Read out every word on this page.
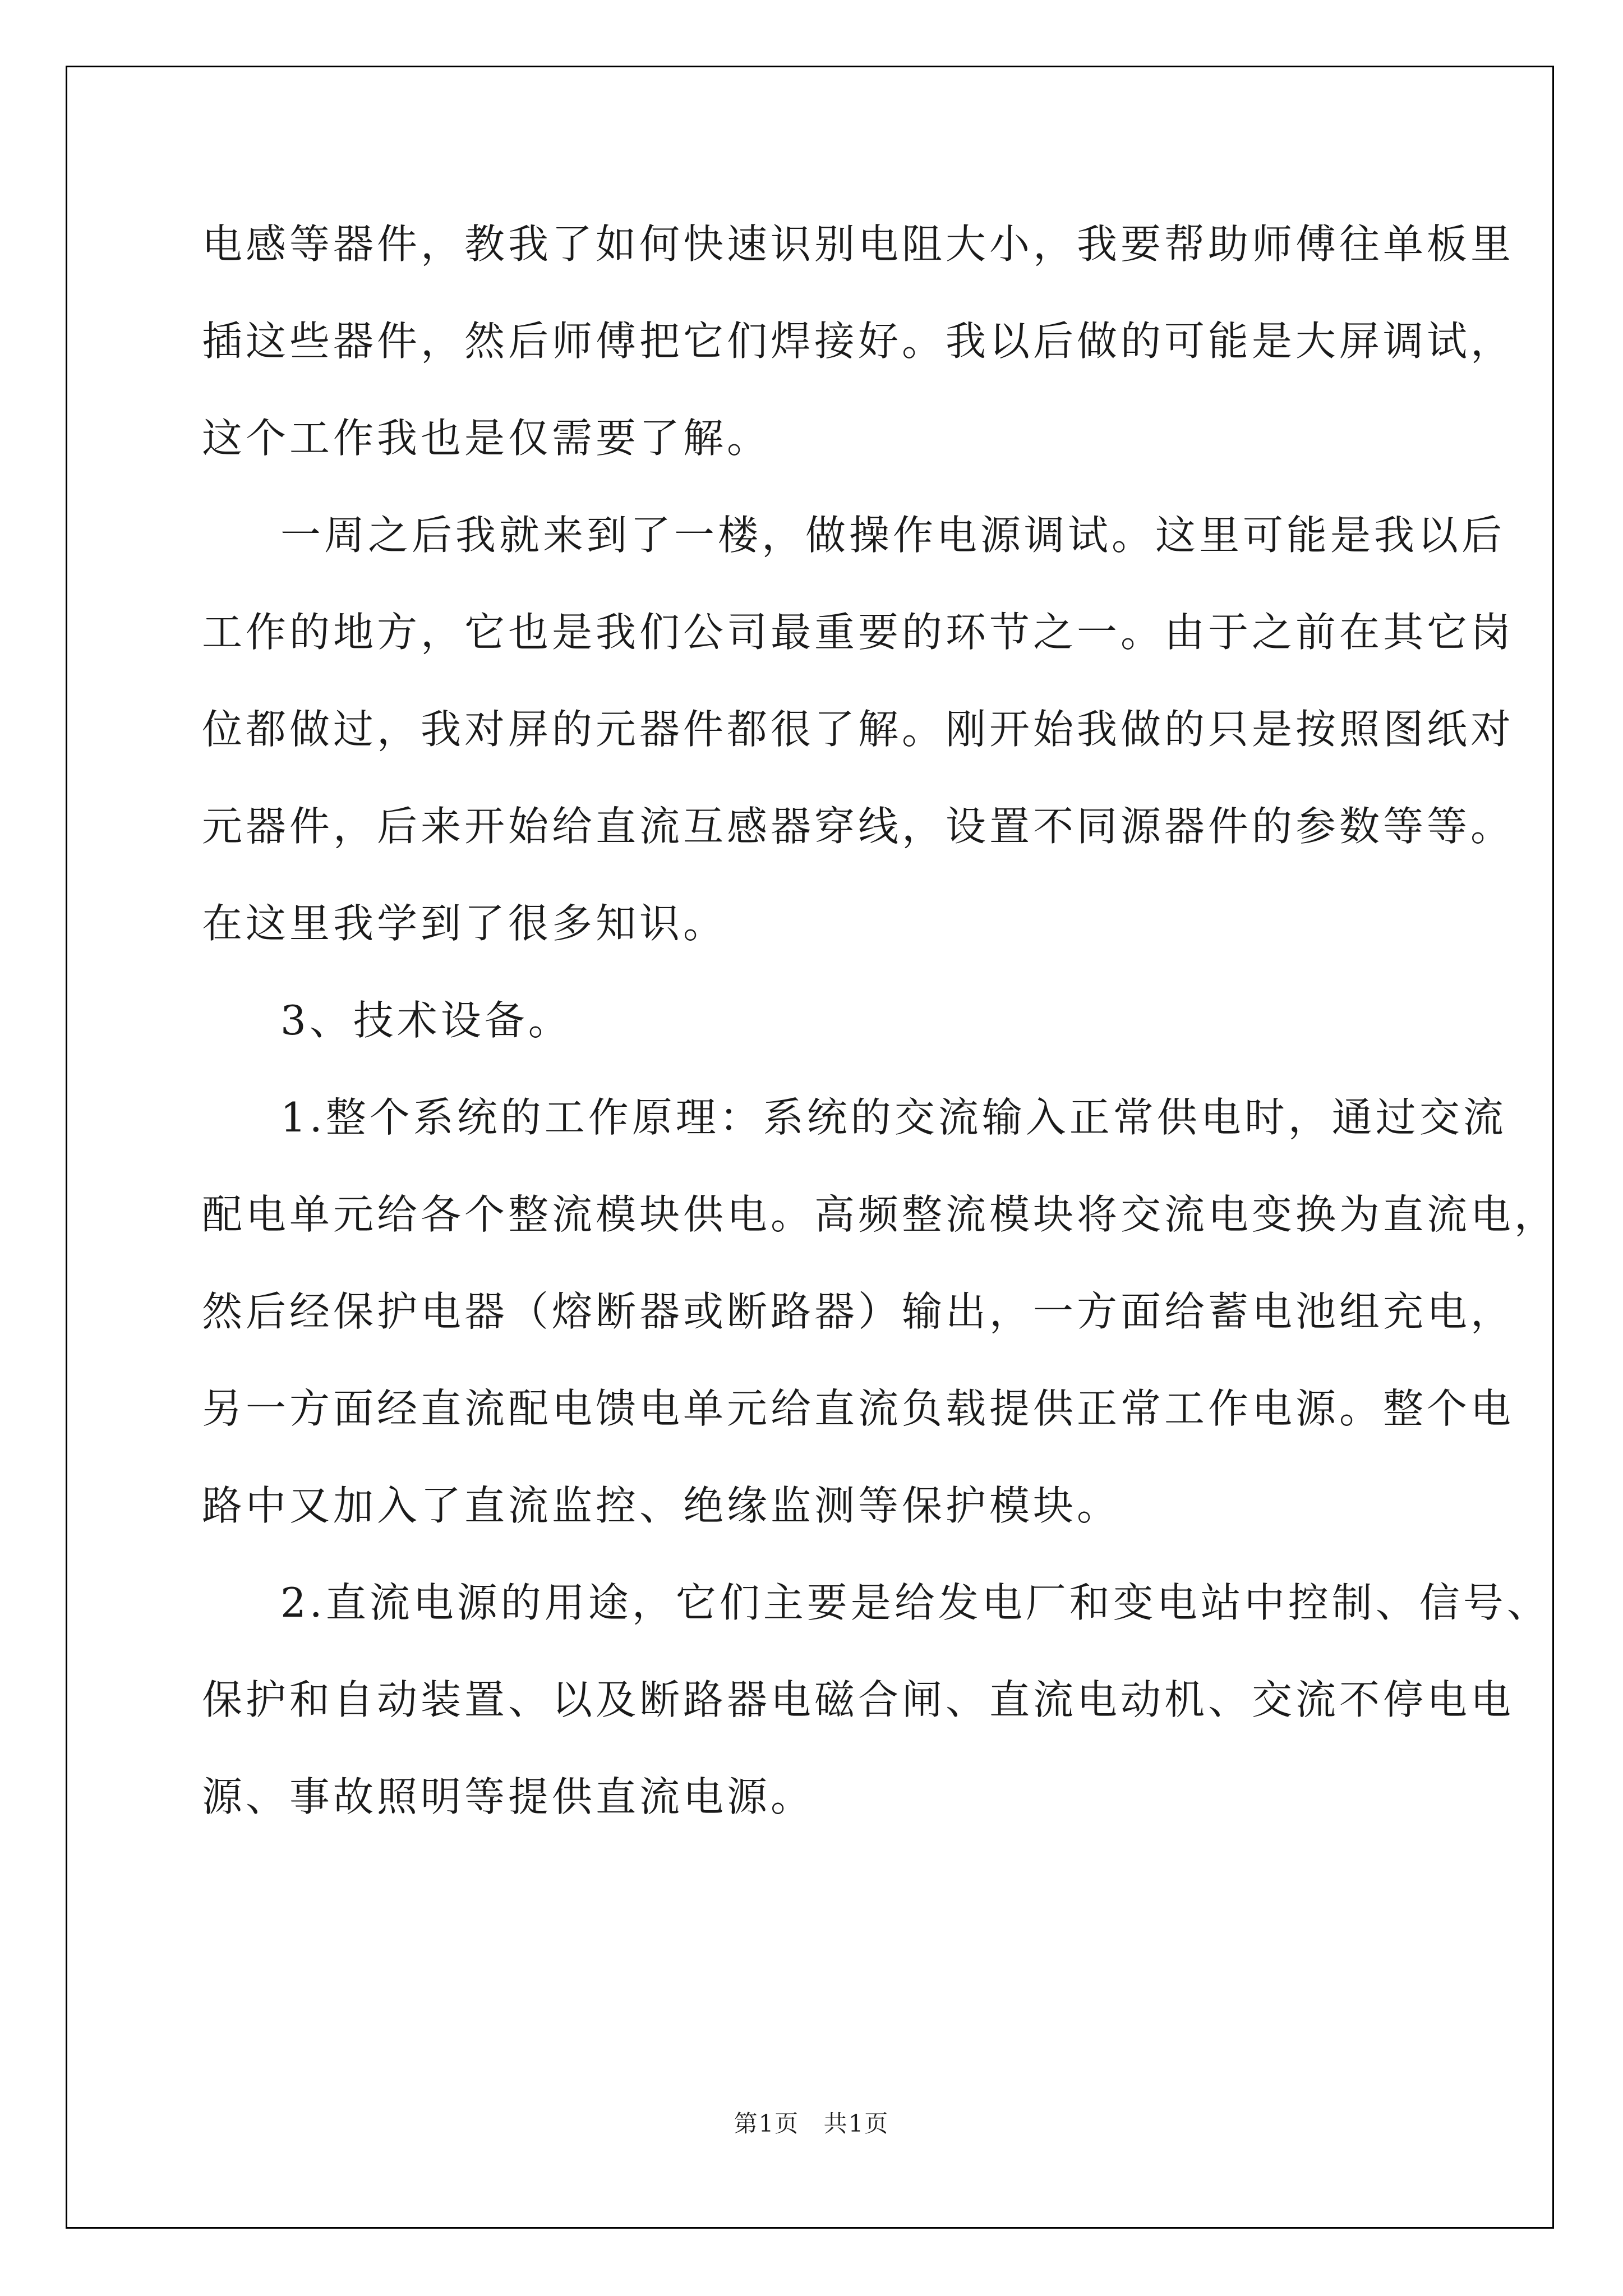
电感等器件，教我了如何快速识别电阻大小，我要帮助师傅往单板里
插这些器件，然后师傅把它们焊接好。我以后做的可能是大屏调试，
这个工作我也是仅需要了解。
一周之后我就来到了一楼，做操作电源调试。这里可能是我以后
工作的地方，它也是我们公司最重要的环节之一。由于之前在其它岗
位都做过，我对屏的元器件都很了解。刚开始我做的只是按照图纸对
元器件，后来开始给直流互感器穿线，设置不同源器件的参数等等。
在这里我学到了很多知识。
3、技术设备。
1.整个系统的工作原理：系统的交流输入正常供电时，通过交流
配电单元给各个整流模块供电。高频整流模块将交流电变换为直流电，
然后经保护电器（熔断器或断路器）输出，一方面给蓄电池组充电，
另一方面经直流配电馈电单元给直流负载提供正常工作电源。整个电
路中又加入了直流监控、绝缘监测等保护模块。
2.直流电源的用途，它们主要是给发电厂和变电站中控制、信号、
保护和自动装置、以及断路器电磁合闸、直流电动机、交流不停电电
源、事故照明等提供直流电源。
第1页 共1页
